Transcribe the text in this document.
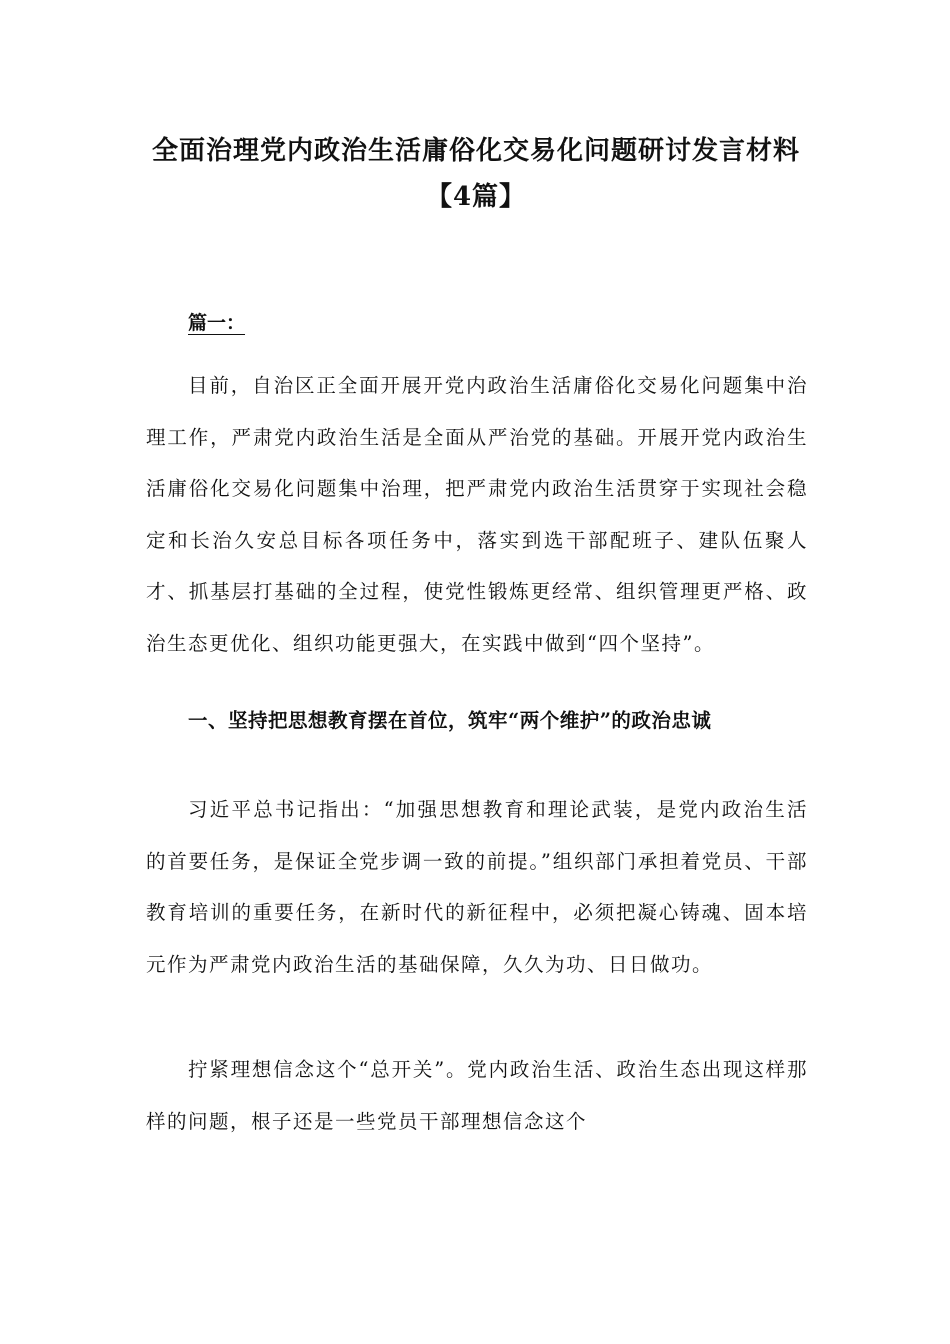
全面治理党内政治生活庸俗化交易化问题研讨发言材料【4篇】
篇一：

目前，自治区正全面开展开党内政治生活庸俗化交易化问题集中治理工作，严肃党内政治生活是全面从严治党的基础。开展开党内政治生活庸俗化交易化问题集中治理，把严肃党内政治生活贯穿于实现社会稳定和长治久安总目标各项任务中，落实到选干部配班子、建队伍聚人才、抓基层打基础的全过程，使党性锻炼更经常、组织管理更严格、政治生态更优化、组织功能更强大，在实践中做到“四个坚持”。

一、坚持把思想教育摆在首位，筑牢“两个维护”的政治忠诚

习近平总书记指出：“加强思想教育和理论武装，是党内政治生活的首要任务，是保证全党步调一致的前提。”组织部门承担着党员、干部教育培训的重要任务，在新时代的新征程中，必须把凝心铸魂、固本培元作为严肃党内政治生活的基础保障，久久为功、日日做功。

拧紧理想信念这个“总开关”。党内政治生活、政治生态出现这样那样的问题，根子还是一些党员干部理想信念这个
